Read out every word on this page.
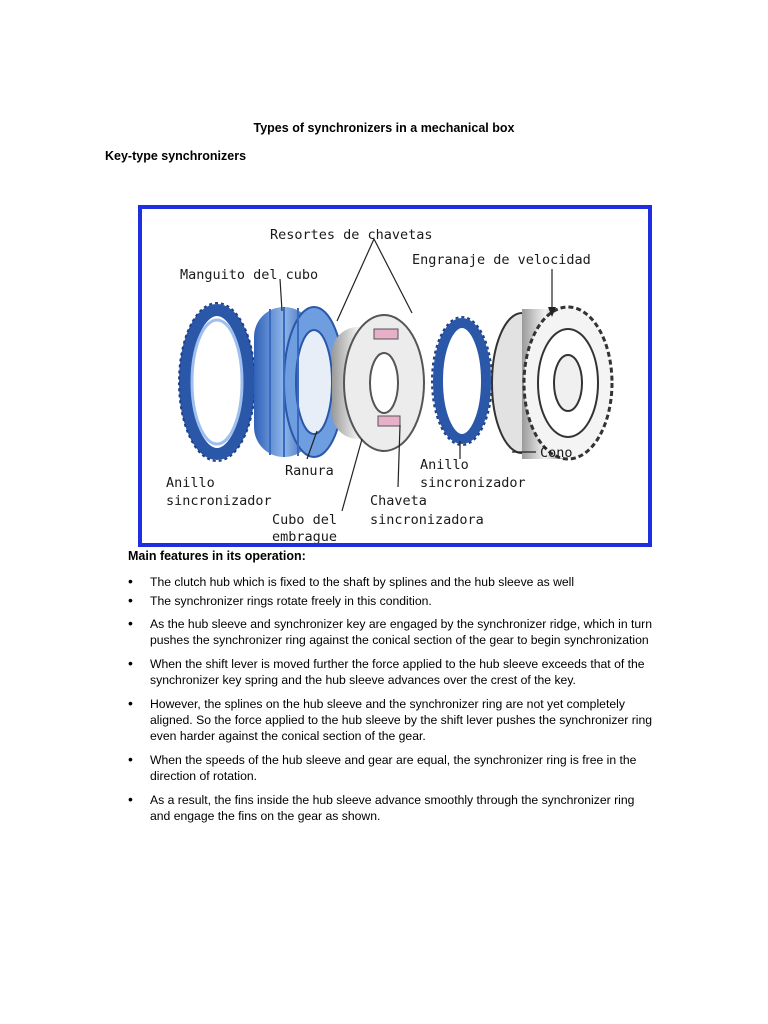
Types of synchronizers in a mechanical box
Key-type synchronizers
Resortes de chavetas
Manguito del cubo
Engranaje de velocidad
Cono
Anillo
sincronizador
Ranura
Anillo
sincronizador	Chaveta
sincronizadora
Cubo del
embrague
Main features in its operation:
• The clutch hub which is fixed to the shaft by splines and the hub sleeve as well
• The synchronizer rings rotate freely in this condition.
• As the hub sleeve and synchronizer key are engaged by the synchronizer ridge, which in turn pushes the synchronizer ring against the conical section of the gear to begin synchronization
• When the shift lever is moved further the force applied to the hub sleeve exceeds that of the synchronizer key spring and the hub sleeve advances over the crest of the key.
• However, the splines on the hub sleeve and the synchronizer ring are not yet completely aligned. So the force applied to the hub sleeve by the shift lever pushes the synchronizer ring even harder against the conical section of the gear.
• When the speeds of the hub sleeve and gear are equal, the synchronizer ring is free in the direction of rotation.
• As a result, the fins inside the hub sleeve advance smoothly through the synchronizer ring and engage the fins on the gear as shown.
